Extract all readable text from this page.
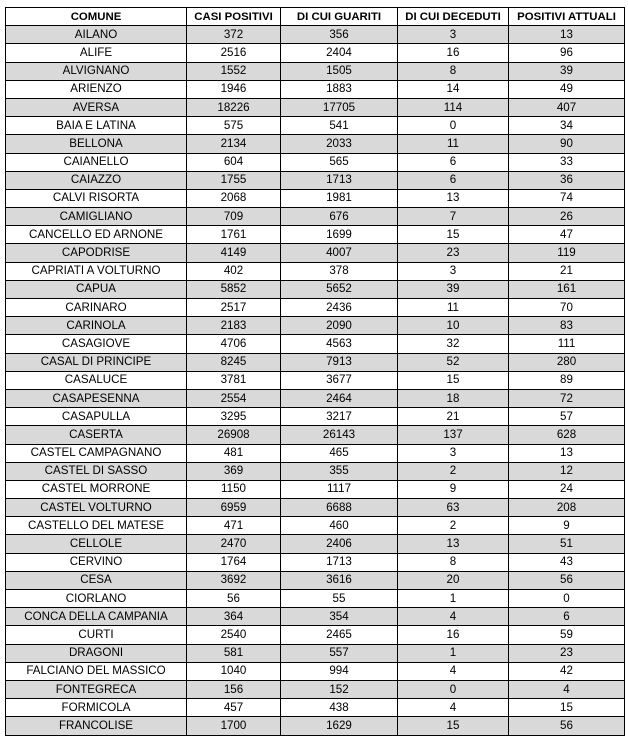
COMUNE	CASI POSITIVI	DI CUI GUARITI	DI CUI DECEDUTI	POSITIVI ATTUALI
AILANO	372	356	3	13
ALIFE	2516	2404	16	96
ALVIGNANO	1552	1505	8	39
ARIENZO	1946	1883	14	49
AVERSA	18226	17705	114	407
BAIA E LATINA	575	541	0	34
BELLONA	2134	2033	11	90
CAIANELLO	604	565	6	33
CAIAZZO	1755	1713	6	36
CALVI RISORTA	2068	1981	13	74
CAMIGLIANO	709	676	7	26
CANCELLO ED ARNONE	1761	1699	15	47
CAPODRISE	4149	4007	23	119
CAPRIATI A VOLTURNO	402	378	3	21
CAPUA	5852	5652	39	161
CARINARO	2517	2436	11	70
CARINOLA	2183	2090	10	83
CASAGIOVE	4706	4563	32	111
CASAL DI PRINCIPE	8245	7913	52	280
CASALUCE	3781	3677	15	89
CASAPESENNA	2554	2464	18	72
CASAPULLA	3295	3217	21	57
CASERTA	26908	26143	137	628
CASTEL CAMPAGNANO	481	465	3	13
CASTEL DI SASSO	369	355	2	12
CASTEL MORRONE	1150	1117	9	24
CASTEL VOLTURNO	6959	6688	63	208
CASTELLO DEL MATESE	471	460	2	9
CELLOLE	2470	2406	13	51
CERVINO	1764	1713	8	43
CESA	3692	3616	20	56
CIORLANO	56	55	1	0
CONCA DELLA CAMPANIA	364	354	4	6
CURTI	2540	2465	16	59
DRAGONI	581	557	1	23
FALCIANO DEL MASSICO	1040	994	4	42
FONTEGRECA	156	152	0	4
FORMICOLA	457	438	4	15
FRANCOLISE	1700	1629	15	56
